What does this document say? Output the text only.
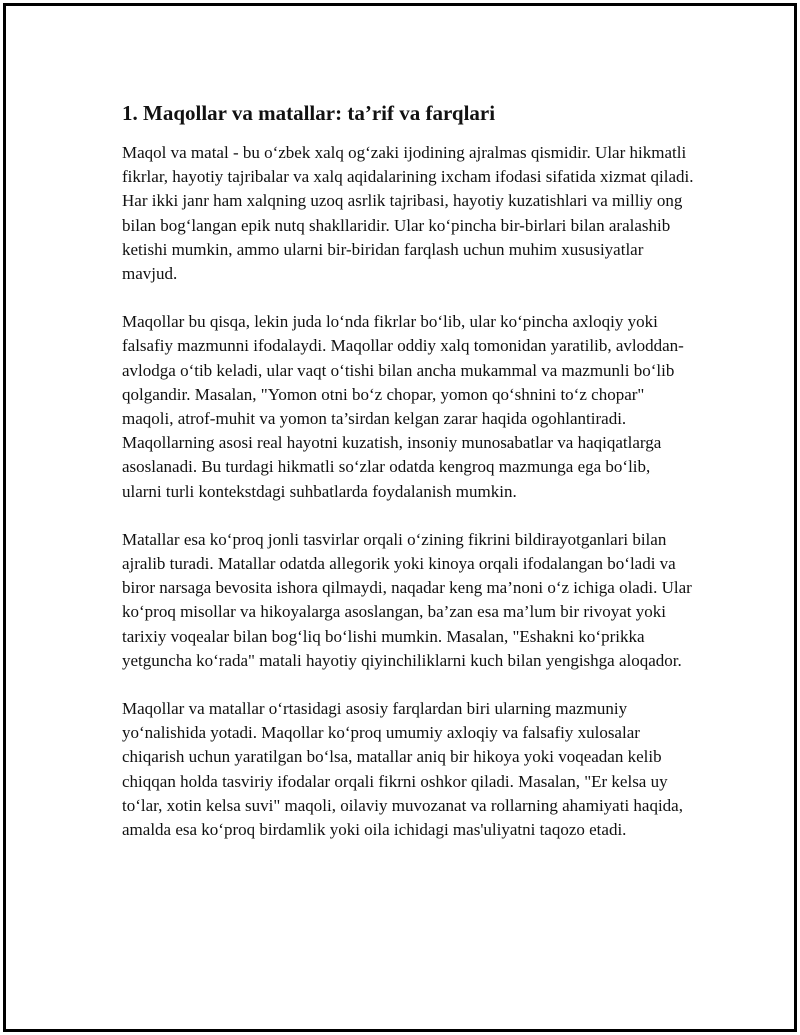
1. Maqollar va matallar: ta’rif va farqlari

Maqol va matal - bu o‘zbek xalq og‘zaki ijodining ajralmas qismidir. Ular hikmatli fikrlar, hayotiy tajribalar va xalq aqidalarining ixcham ifodasi sifatida xizmat qiladi. Har ikki janr ham xalqning uzoq asrlik tajribasi, hayotiy kuzatishlari va milliy ong bilan bog‘langan epik nutq shakllaridir. Ular ko‘pincha bir-birlari bilan aralashib ketishi mumkin, ammo ularni bir-biridan farqlash uchun muhim xususiyatlar mavjud.

Maqollar bu qisqa, lekin juda lo‘nda fikrlar bo‘lib, ular ko‘pincha axloqiy yoki falsafiy mazmunni ifodalaydi. Maqollar oddiy xalq tomonidan yaratilib, avloddan-avlodga o‘tib keladi, ular vaqt o‘tishi bilan ancha mukammal va mazmunli bo‘lib qolgandir. Masalan, "Yomon otni bo‘z chopar, yomon qo‘shnini to‘z chopar" maqoli, atrof-muhit va yomon ta’sirdan kelgan zarar haqida ogohlantiradi. Maqollarning asosi real hayotni kuzatish, insoniy munosabatlar va haqiqatlarga asoslanadi. Bu turdagi hikmatli so‘zlar odatda kengroq mazmunga ega bo‘lib, ularni turli kontekstdagi suhbatlarda foydalanish mumkin.

Matallar esa ko‘proq jonli tasvirlar orqali o‘zining fikrini bildirayotganlari bilan ajralib turadi. Matallar odatda allegorik yoki kinoya orqali ifodalangan bo‘ladi va biror narsaga bevosita ishora qilmaydi, naqadar keng ma’noni o‘z ichiga oladi. Ular ko‘proq misollar va hikoyalarga asoslangan, ba’zan esa ma’lum bir rivoyat yoki tarixiy voqealar bilan bog‘liq bo‘lishi mumkin. Masalan, "Eshakni ko‘prikka yetguncha ko‘rada" matali hayotiy qiyinchiliklarni kuch bilan yengishga aloqador.

Maqollar va matallar o‘rtasidagi asosiy farqlardan biri ularning mazmuniy yo‘nalishida yotadi. Maqollar ko‘proq umumiy axloqiy va falsafiy xulosalar chiqarish uchun yaratilgan bo‘lsa, matallar aniq bir hikoya yoki voqeadan kelib chiqqan holda tasviriy ifodalar orqali fikrni oshkor qiladi. Masalan, "Er kelsa uy to‘lar, xotin kelsa suvi" maqoli, oilaviy muvozanat va rollarning ahamiyati haqida, amalda esa ko‘proq birdamlik yoki oila ichidagi mas'uliyatni taqozo etadi.
